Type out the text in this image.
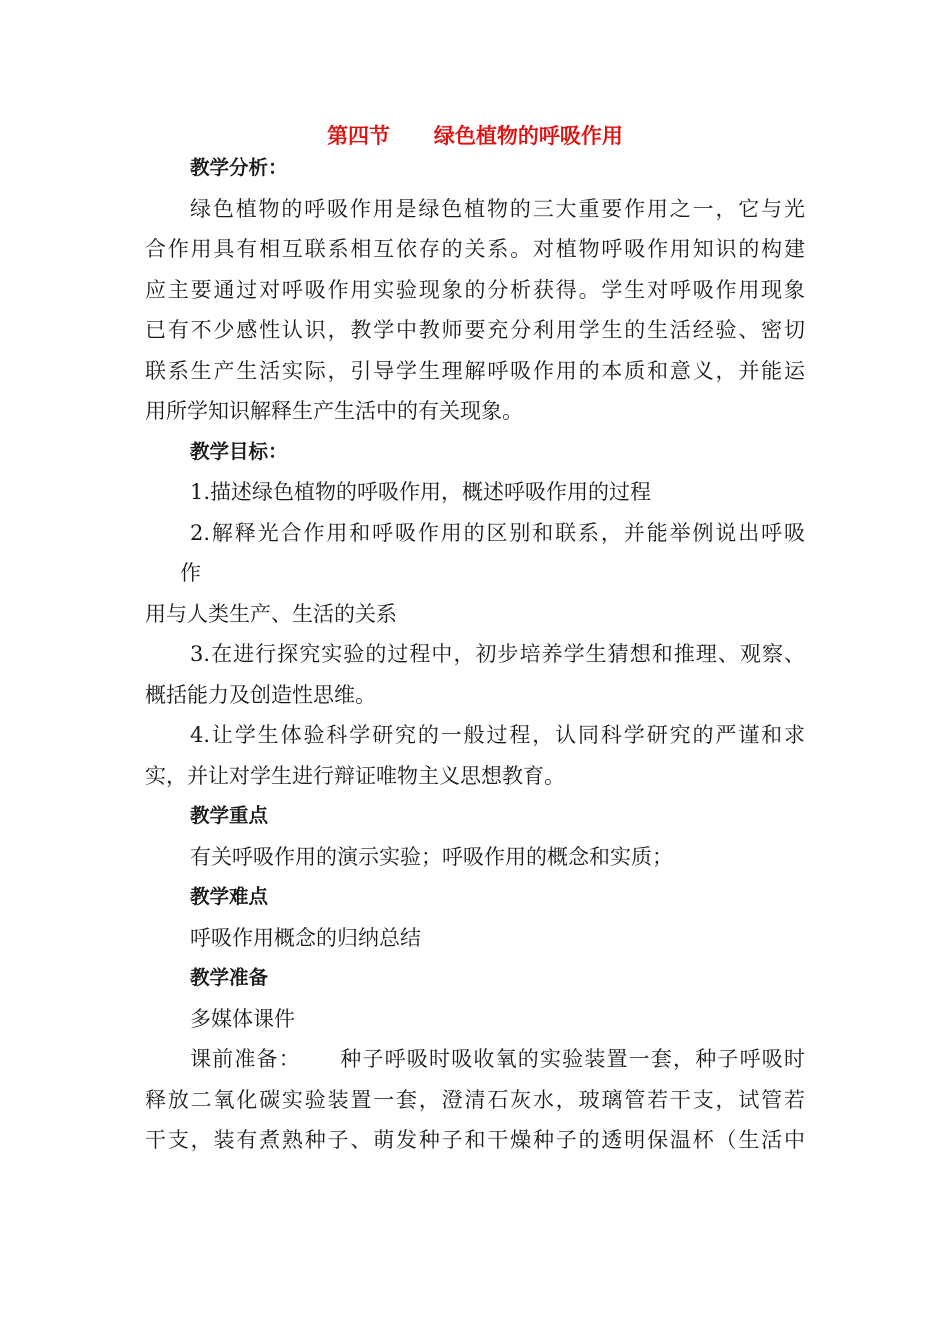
第四节      绿色植物的呼吸作用
教学分析：
绿色植物的呼吸作用是绿色植物的三大重要作用之一，它与光
合作用具有相互联系相互依存的关系。对植物呼吸作用知识的构建
应主要通过对呼吸作用实验现象的分析获得。学生对呼吸作用现象
已有不少感性认识，教学中教师要充分利用学生的生活经验、密切
联系生产生活实际，引导学生理解呼吸作用的本质和意义，并能运
用所学知识解释生产生活中的有关现象。
教学目标：
1.描述绿色植物的呼吸作用，概述呼吸作用的过程
2.解释光合作用和呼吸作用的区别和联系，并能举例说出呼吸
作
用与人类生产、生活的关系
3.在进行探究实验的过程中，初步培养学生猜想和推理、观察、
概括能力及创造性思维。
4.让学生体验科学研究的一般过程，认同科学研究的严谨和求
实，并让对学生进行辩证唯物主义思想教育。
教学重点
有关呼吸作用的演示实验；呼吸作用的概念和实质；
教学难点
呼吸作用概念的归纳总结
教学准备
多媒体课件
课前准备：     种子呼吸时吸收氧的实验装置一套，种子呼吸时
释放二氧化碳实验装置一套，澄清石灰水，玻璃管若干支，试管若
干支，装有煮熟种子、萌发种子和干燥种子的透明保温杯（生活中
